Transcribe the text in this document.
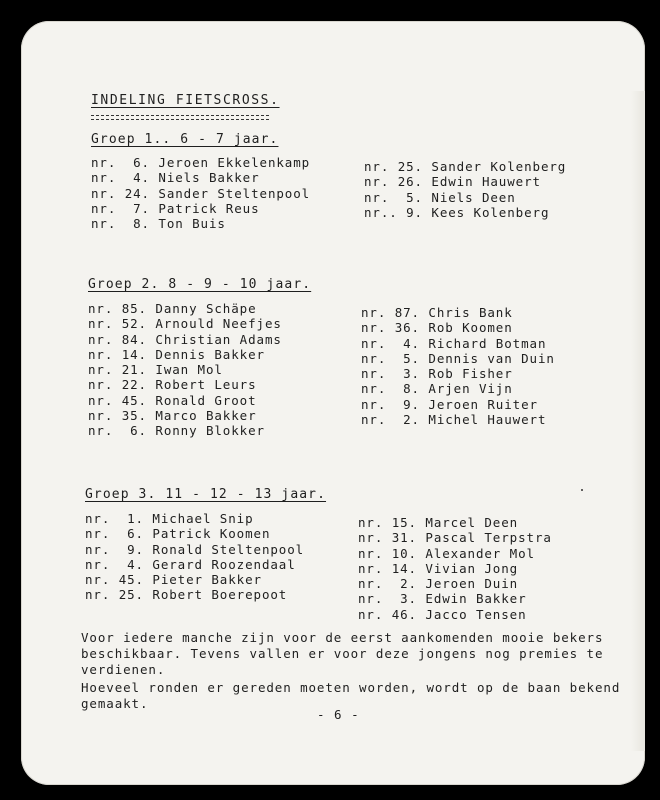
INDELING FIETSCROSS.
Groep 1.. 6 - 7 jaar.
nr.  6. Jeroen Ekkelenkamp
nr.  4. Niels Bakker
nr. 24. Sander Steltenpool
nr.  7. Patrick Reus
nr.  8. Ton Buis
nr. 25. Sander Kolenberg
nr. 26. Edwin Hauwert
nr.  5. Niels Deen
nr.. 9. Kees Kolenberg
Groep 2. 8 - 9 - 10 jaar.
nr. 85. Danny Schäpe
nr. 52. Arnould Neefjes
nr. 84. Christian Adams
nr. 14. Dennis Bakker
nr. 21. Iwan Mol
nr. 22. Robert Leurs
nr. 45. Ronald Groot
nr. 35. Marco Bakker
nr.  6. Ronny Blokker
nr. 87. Chris Bank
nr. 36. Rob Koomen
nr.  4. Richard Botman
nr.  5. Dennis van Duin
nr.  3. Rob Fisher
nr.  8. Arjen Vijn
nr.  9. Jeroen Ruiter
nr.  2. Michel Hauwert
Groep 3. 11 - 12 - 13 jaar.
nr.  1. Michael Snip
nr.  6. Patrick Koomen
nr.  9. Ronald Steltenpool
nr.  4. Gerard Roozendaal
nr. 45. Pieter Bakker
nr. 25. Robert Boerepoot
nr. 15. Marcel Deen
nr. 31. Pascal Terpstra
nr. 10. Alexander Mol
nr. 14. Vivian Jong
nr.  2. Jeroen Duin
nr.  3. Edwin Bakker
nr. 46. Jacco Tensen
Voor iedere manche zijn voor de eerst aankomenden mooie bekers
beschikbaar. Tevens vallen er voor deze jongens nog premies te
verdienen.
Hoeveel ronden er gereden moeten worden, wordt op de baan bekend
gemaakt.
- 6 -
